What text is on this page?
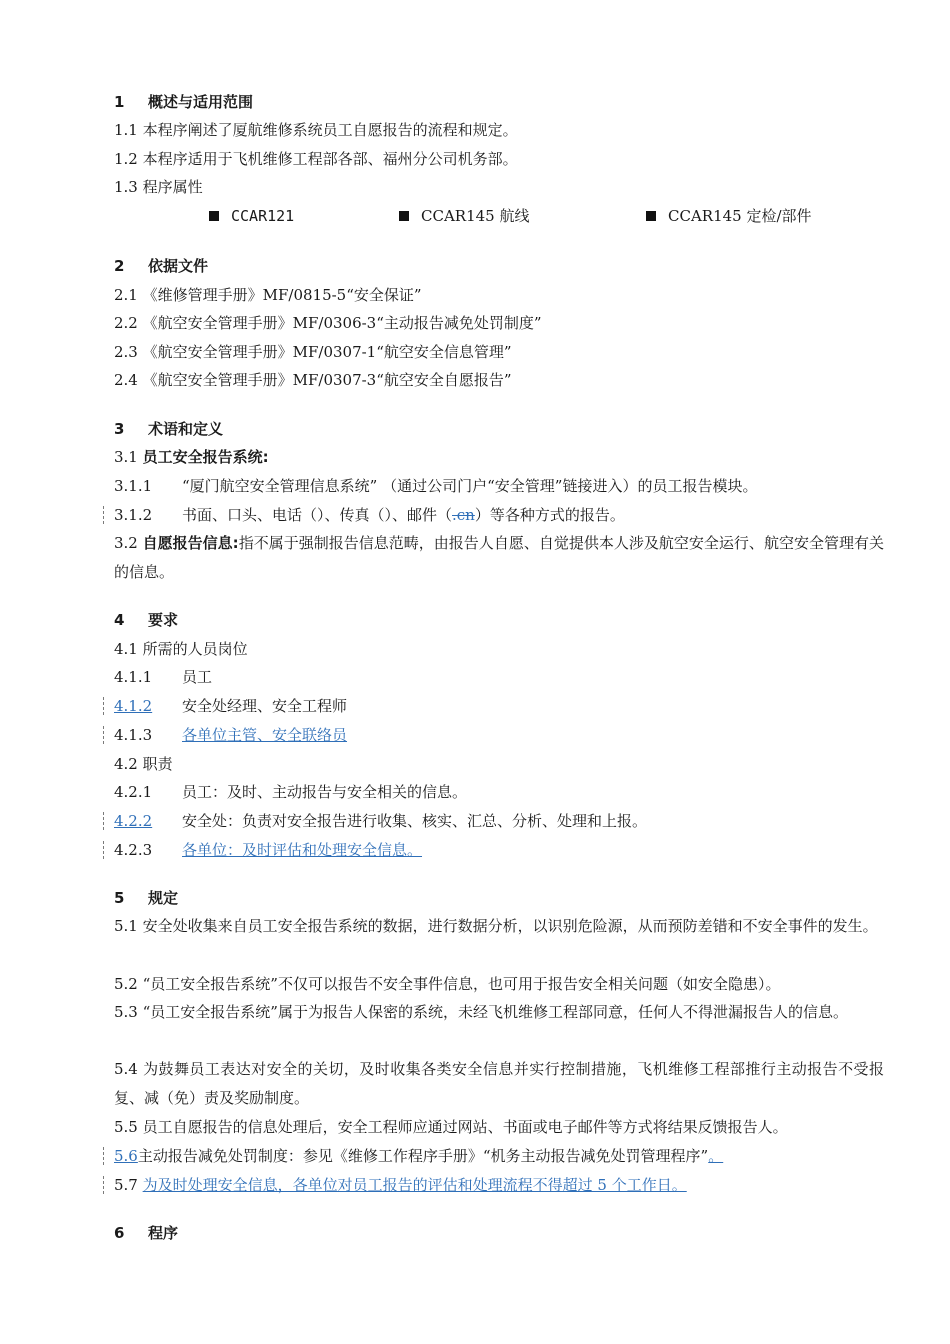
1 概述与适用范围
1.1 本程序阐述了厦航维修系统员工自愿报告的流程和规定。
1.2 本程序适用于飞机维修工程部各部、福州分公司机务部。
1.3 程序属性
CCAR121	CCAR145 航线	CCAR145 定检/部件
2 依据文件
2.1 《维修管理手册》MF/0815-5“安全保证”
2.2 《航空安全管理手册》MF/0306-3“主动报告减免处罚制度”
2.3 《航空安全管理手册》MF/0307-1“航空安全信息管理”
2.4 《航空安全管理手册》MF/0307-3“航空安全自愿报告”
3 术语和定义
3.1 员工安全报告系统:
3.1.1 “厦门航空安全管理信息系统” （通过公司门户“安全管理”链接进入）的员工报告模块。
3.1.2 书面、口头、电话（）、传真（）、邮件（.cn）等各种方式的报告。
3.2 自愿报告信息:指不属于强制报告信息范畴，由报告人自愿、自觉提供本人涉及航空安全运行、航空安全管理有关的信息。
4 要求
4.1 所需的人员岗位
4.1.1 员工
4.1.2 安全处经理、安全工程师
4.1.3 各单位主管、安全联络员
4.2 职责
4.2.1 员工：及时、主动报告与安全相关的信息。
4.2.2 安全处：负责对安全报告进行收集、核实、汇总、分析、处理和上报。
4.2.3 各单位：及时评估和处理安全信息。
5 规定
5.1 安全处收集来自员工安全报告系统的数据，进行数据分析，以识别危险源，从而预防差错和不安全事件的发生。
5.2 “员工安全报告系统”不仅可以报告不安全事件信息，也可用于报告安全相关问题（如安全隐患）。
5.3 “员工安全报告系统”属于为报告人保密的系统，未经飞机维修工程部同意，任何人不得泄漏报告人的信息。
5.4 为鼓舞员工表达对安全的关切，及时收集各类安全信息并实行控制措施，飞机维修工程部推行主动报告不受报复、减（免）责及奖励制度。
5.5 员工自愿报告的信息处理后，安全工程师应通过网站、书面或电子邮件等方式将结果反馈报告人。
5.6主动报告减免处罚制度：参见《维修工作程序手册》“机务主动报告减免处罚管理程序”。
5.7 为及时处理安全信息，各单位对员工报告的评估和处理流程不得超过 5 个工作日。
6 程序
